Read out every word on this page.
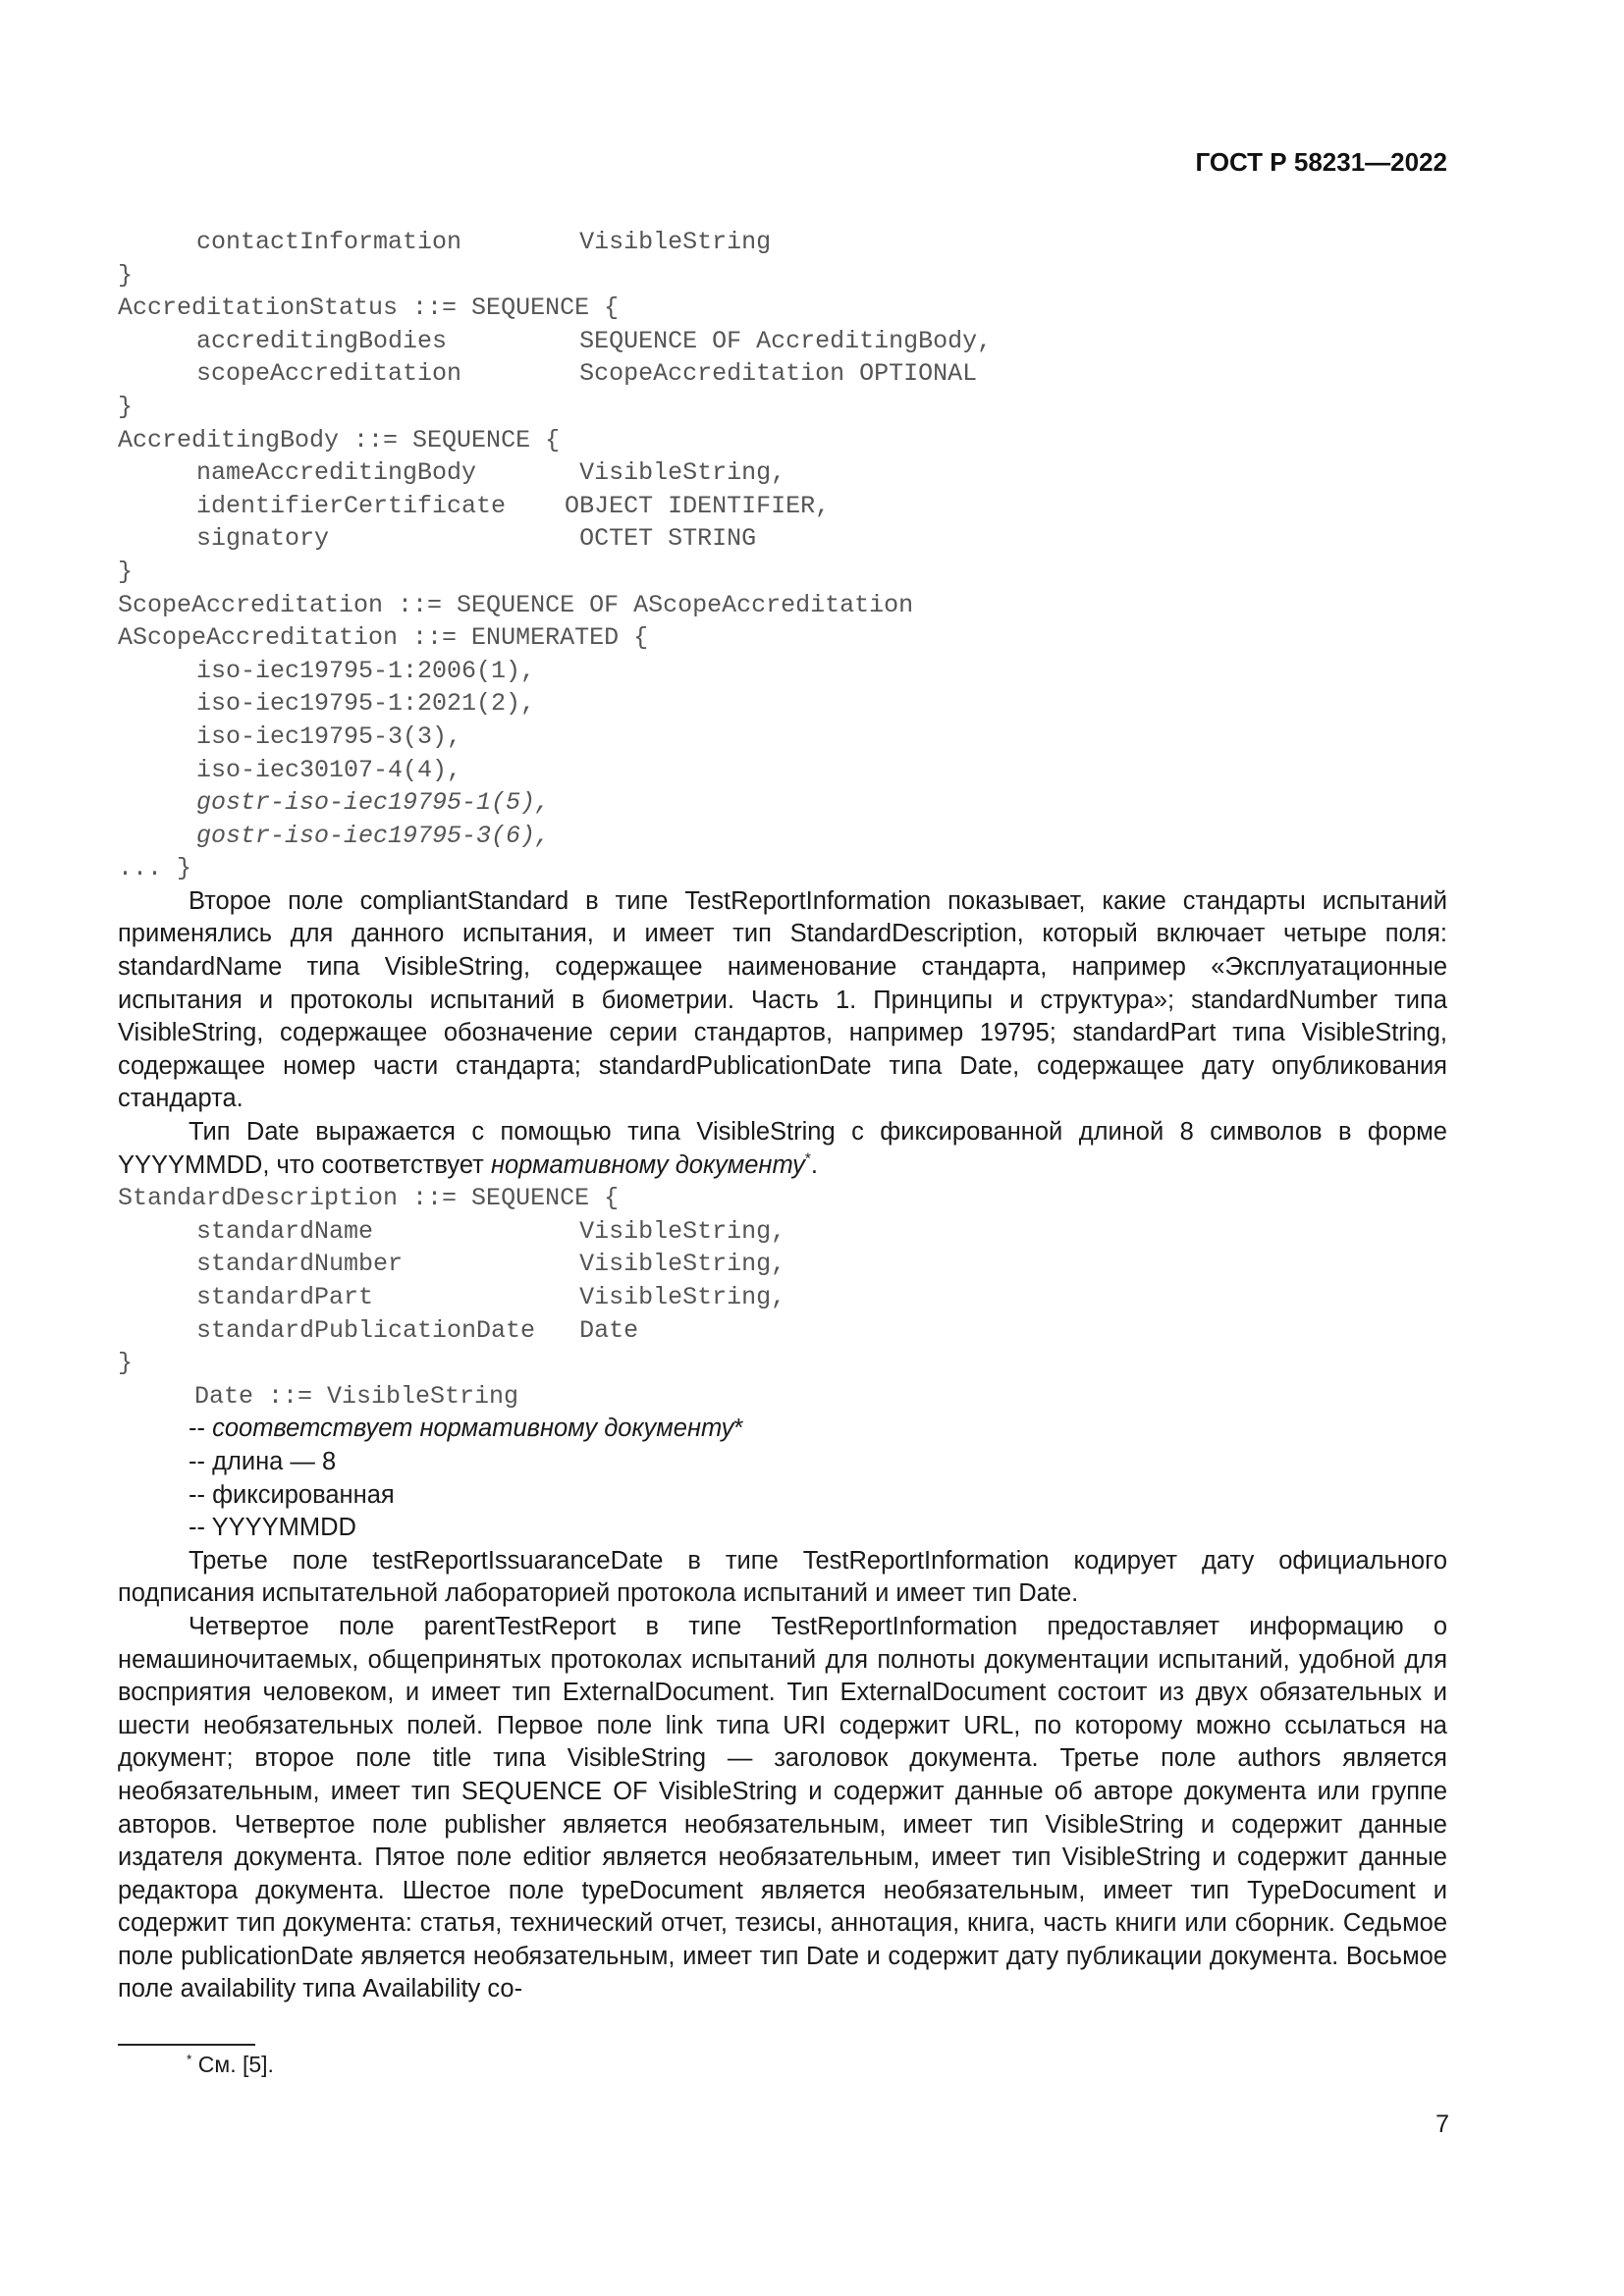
ГОСТ Р 58231—2022
contactInformation        VisibleString
}
AccreditationStatus ::= SEQUENCE {
accreditingBodies         SEQUENCE OF AccreditingBody,
scopeAccreditation        ScopeAccreditation OPTIONAL
}
AccreditingBody ::= SEQUENCE {
nameAccreditingBody       VisibleString,
identifierCertificate    OBJECT IDENTIFIER,
signatory                 OCTET STRING
}
ScopeAccreditation ::= SEQUENCE OF AScopeAccreditation
AScopeAccreditation ::= ENUMERATED {
iso-iec19795-1:2006(1),
iso-iec19795-1:2021(2),
iso-iec19795-3(3),
iso-iec30107-4(4),
gostr-iso-iec19795-1(5),
gostr-iso-iec19795-3(6),
... }

Второе поле compliantStandard в типе TestReportInformation показывает, какие стандарты испытаний применялись для данного испытания, и имеет тип StandardDescription, который включает четыре поля: standardName типа VisibleString, содержащее наименование стандарта, например «Эксплуатационные испытания и протоколы испытаний в биометрии. Часть 1. Принципы и структура»; standardNumber типа VisibleString, содержащее обозначение серии стандартов, например 19795; standardPart типа VisibleString, содержащее номер части стандарта; standardPublicationDate типа Date, содержащее дату опубликования стандарта.

Тип Date выражается с помощью типа VisibleString с фиксированной длиной 8 символов в форме YYYYMMDD, что соответствует нормативному документу*.

StandardDescription ::= SEQUENCE {
standardName              VisibleString,
standardNumber            VisibleString,
standardPart              VisibleString,
standardPublicationDate   Date
}
Date ::= VisibleString
-- соответствует нормативному документу*
-- длина — 8
-- фиксированная
-- YYYYMMDD

Третье поле testReportIssuaranceDate в типе TestReportInformation кодирует дату официального подписания испытательной лабораторией протокола испытаний и имеет тип Date.

Четвертое поле parentTestReport в типе TestReportInformation предоставляет информацию о немашиночитаемых, общепринятых протоколах испытаний для полноты документации испытаний, удобной для восприятия человеком, и имеет тип ExternalDocument. Тип ExternalDocument состоит из двух обязательных и шести необязательных полей. Первое поле link типа URI содержит URL, по которому можно ссылаться на документ; второе поле title типа VisibleString — заголовок документа. Третье поле authors является необязательным, имеет тип SEQUENCE OF VisibleString и содержит данные об авторе документа или группе авторов. Четвертое поле publisher является необязательным, имеет тип VisibleString и содержит данные издателя документа. Пятое поле editior является необязательным, имеет тип VisibleString и содержит данные редактора документа. Шестое поле typeDocument является необязательным, имеет тип TypeDocument и содержит тип документа: статья, технический отчет, тезисы, аннотация, книга, часть книги или сборник. Седьмое поле publicationDate является необязательным, имеет тип Date и содержит дату публикации документа. Восьмое поле availability типа Availability со-

* См. [5].
7
